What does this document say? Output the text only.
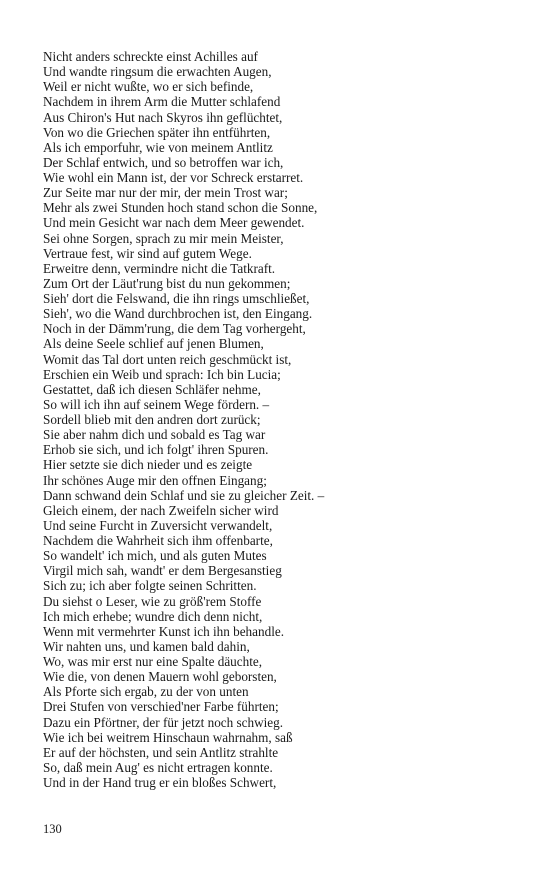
Nicht anders schreckte einst Achilles auf
Und wandte ringsum die erwachten Augen,
Weil er nicht wußte, wo er sich befinde,
Nachdem in ihrem Arm die Mutter schlafend
Aus Chiron's Hut nach Skyros ihn geflüchtet,
Von wo die Griechen später ihn entführten,
Als ich emporfuhr, wie von meinem Antlitz
Der Schlaf entwich, und so betroffen war ich,
Wie wohl ein Mann ist, der vor Schreck erstarret.
Zur Seite mar nur der mir, der mein Trost war;
Mehr als zwei Stunden hoch stand schon die Sonne,
Und mein Gesicht war nach dem Meer gewendet.
Sei ohne Sorgen, sprach zu mir mein Meister,
Vertraue fest, wir sind auf gutem Wege.
Erweitre denn, vermindre nicht die Tatkraft.
Zum Ort der Läut'rung bist du nun gekommen;
Sieh' dort die Felswand, die ihn rings umschließet,
Sieh', wo die Wand durchbrochen ist, den Eingang.
Noch in der Dämm'rung, die dem Tag vorhergeht,
Als deine Seele schlief auf jenen Blumen,
Womit das Tal dort unten reich geschmückt ist,
Erschien ein Weib und sprach: Ich bin Lucia;
Gestattet, daß ich diesen Schläfer nehme,
So will ich ihn auf seinem Wege fördern. –
Sordell blieb mit den andren dort zurück;
Sie aber nahm dich und sobald es Tag war
Erhob sie sich, und ich folgt' ihren Spuren.
Hier setzte sie dich nieder und es zeigte
Ihr schönes Auge mir den offnen Eingang;
Dann schwand dein Schlaf und sie zu gleicher Zeit. –
Gleich einem, der nach Zweifeln sicher wird
Und seine Furcht in Zuversicht verwandelt,
Nachdem die Wahrheit sich ihm offenbarte,
So wandelt' ich mich, und als guten Mutes
Virgil mich sah, wandt' er dem Bergesanstieg
Sich zu; ich aber folgte seinen Schritten.
Du siehst o Leser, wie zu größ'rem Stoffe
Ich mich erhebe; wundre dich denn nicht,
Wenn mit vermehrter Kunst ich ihn behandle.
Wir nahten uns, und kamen bald dahin,
Wo, was mir erst nur eine Spalte däuchte,
Wie die, von denen Mauern wohl geborsten,
Als Pforte sich ergab, zu der von unten
Drei Stufen von verschied'ner Farbe führten;
Dazu ein Pförtner, der für jetzt noch schwieg.
Wie ich bei weitrem Hinschaun wahrnahm, saß
Er auf der höchsten, und sein Antlitz strahlte
So, daß mein Aug' es nicht ertragen konnte.
Und in der Hand trug er ein bloßes Schwert,
130
